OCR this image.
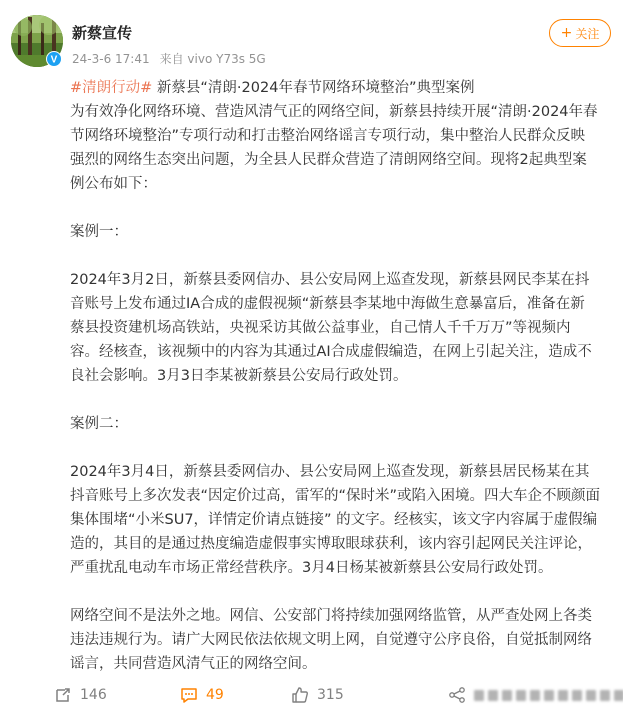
V
新蔡宣传
24-3-6 17:41 来自 vivo Y73s 5G
+ 关注

#清朗行动# 新蔡县“清朗·2024年春节网络环境整治”典型案例

为有效净化网络环境、营造风清气正的网络空间，新蔡县持续开展“清朗·2024年春

节网络环境整治”专项行动和打击整治网络谣言专项行动，集中整治人民群众反映

强烈的网络生态突出问题，为全县人民群众营造了清朗网络空间。现将2起典型案

例公布如下：

案例一：

2024年3月2日，新蔡县委网信办、县公安局网上巡查发现，新蔡县网民李某在抖

音账号上发布通过IA合成的虚假视频“新蔡县李某地中海做生意暴富后，准备在新

蔡县投资建机场高铁站，央视采访其做公益事业，自己情人千千万万”等视频内

容。经核查，该视频中的内容为其通过AI合成虚假编造，在网上引起关注，造成不

良社会影响。3月3日李某被新蔡县公安局行政处罚。

案例二：

2024年3月4日，新蔡县委网信办、县公安局网上巡查发现，新蔡县居民杨某在其

抖音账号上多次发表“因定价过高，雷军的“保时米”或陷入困境。四大车企不顾颜面

集体围堵“小米SU7，详情定价请点链接” 的文字。经核实，该文字内容属于虚假编

造的，其目的是通过热度编造虚假事实博取眼球获利，该内容引起网民关注评论，

严重扰乱电动车市场正常经营秩序。3月4日杨某被新蔡县公安局行政处罚。

网络空间不是法外之地。网信、公安部门将持续加强网络监管，从严查处网上各类

违法违规行为。请广大网民依法依规文明上网，自觉遵守公序良俗，自觉抵制网络

谣言，共同营造风清气正的网络空间。

146	49	315
